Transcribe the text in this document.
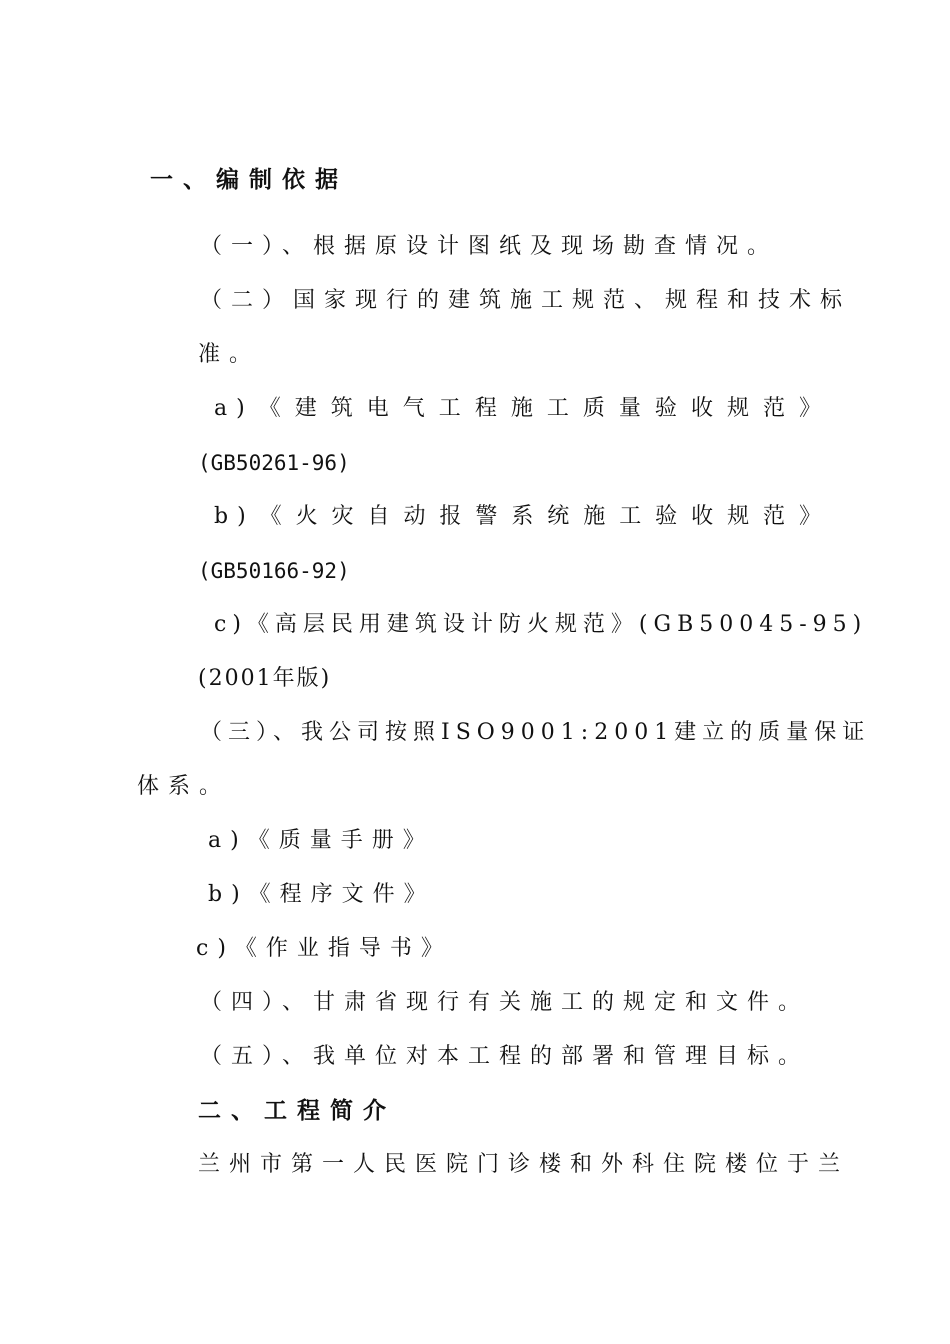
一、编制依据

（一）、根据原设计图纸及现场勘查情况。

（二）国家现行的建筑施工规范、规程和技术标

准。

a)《建筑电气工程施工质量验收规范》

(GB50261-96)

b)《火灾自动报警系统施工验收规范》

(GB50166-92)

c)《高层民用建筑设计防火规范》(GB50045-95)

(2001年版)

（三）、我公司按照ISO9001:2001建立的质量保证

体系。

a)《质量手册》

b)《程序文件》

c)《作业指导书》

（四）、甘肃省现行有关施工的规定和文件。

（五）、我单位对本工程的部署和管理目标。

二、工程简介

兰州市第一人民医院门诊楼和外科住院楼位于兰
